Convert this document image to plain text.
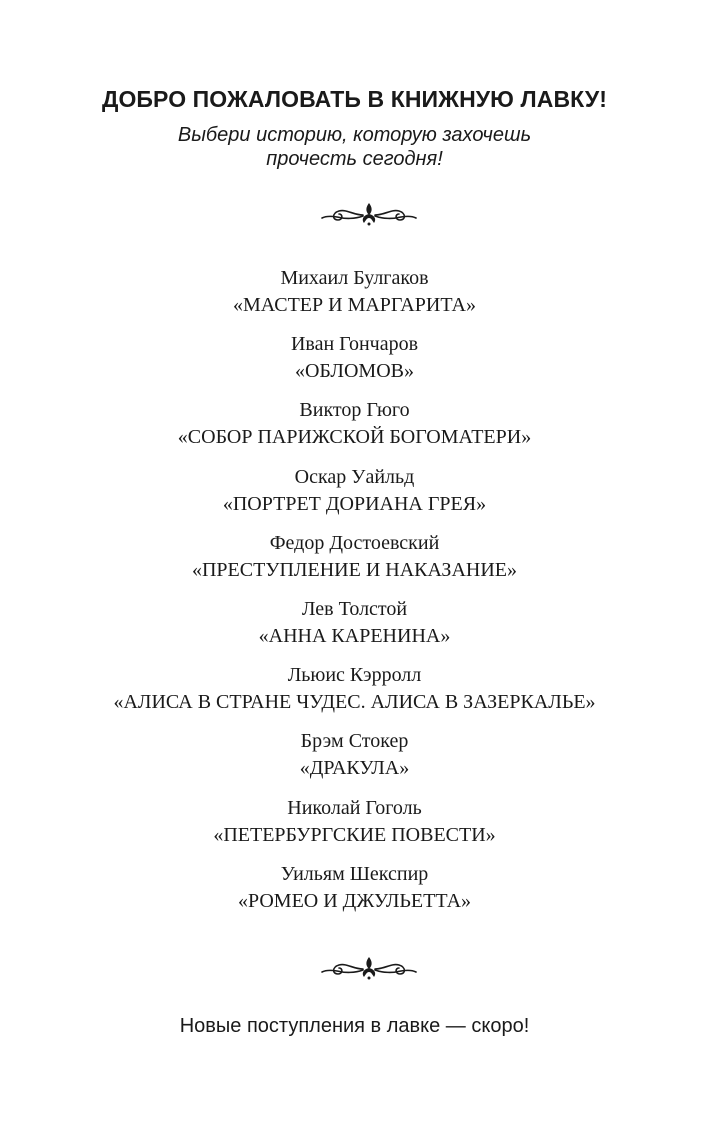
ДОБРО ПОЖАЛОВАТЬ В КНИЖНУЮ ЛАВКУ!

Выбери историю, которую захочешь
прочесть сегодня!

Михаил Булгаков
«МАСТЕР И МАРГАРИТА»
Иван Гончаров
«ОБЛОМОВ»
Виктор Гюго
«СОБОР ПАРИЖСКОЙ БОГОМАТЕРИ»
Оскар Уайльд
«ПОРТРЕТ ДОРИАНА ГРЕЯ»
Федор Достоевский
«ПРЕСТУПЛЕНИЕ И НАКАЗАНИЕ»
Лев Толстой
«АННА КАРЕНИНА»
Льюис Кэрролл
«АЛИСА В СТРАНЕ ЧУДЕС. АЛИСА В ЗАЗЕРКАЛЬЕ»
Брэм Стокер
«ДРАКУЛА»
Николай Гоголь
«ПЕТЕРБУРГСКИЕ ПОВЕСТИ»
Уильям Шекспир
«РОМЕО И ДЖУЛЬЕТТА»

Новые поступления в лавке — скоро!
